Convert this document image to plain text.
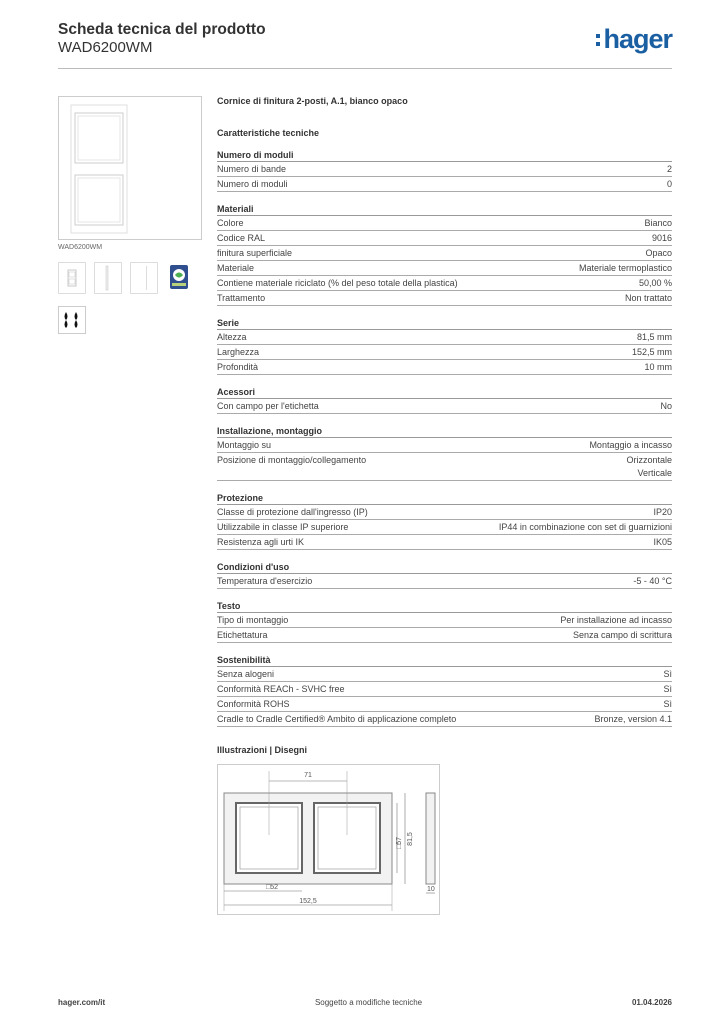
Scheda tecnica del prodotto
WAD6200WM	hager
WAD6200WM
Cornice di finitura 2-posti, A.1, bianco opaco
Caratteristiche tecniche
Numero di moduli
Numero di bande	2
Numero di moduli	0
Materiali
Colore	Bianco
Codice RAL	9016
finitura superficiale	Opaco
Materiale	Materiale termoplastico
Contiene materiale riciclato (% del peso totale della plastica)	50,00 %
Trattamento	Non trattato
Serie
Altezza	81,5 mm
Larghezza	152,5 mm
Profondità	10 mm
Acessori
Con campo per l'etichetta	No
Installazione, montaggio
Montaggio su	Montaggio a incasso
Posizione di montaggio/collegamento	Orizzontale
Verticale
Protezione
Classe di protezione dall'ingresso (IP)	IP20
Utilizzabile in classe IP superiore	IP44 in combinazione con set di guarnizioni
Resistenza agli urti IK	IK05
Condizioni d'uso
Temperatura d'esercizio	-5 - 40 °C
Testo
Tipo di montaggio	Per installazione ad incasso
Etichettatura	Senza campo di scrittura
Sostenibilità
Senza alogeni	Sì
Conformità REACh - SVHC free	Sì
Conformità ROHS	Sì
Cradle to Cradle Certified® Ambito di applicazione completo	Bronze, version 4.1
Illustrazioni | Disegni
71
□52
152,5
□57 81,5
10
hager.com/it	Soggetto a modifiche tecniche	01.04.2026
